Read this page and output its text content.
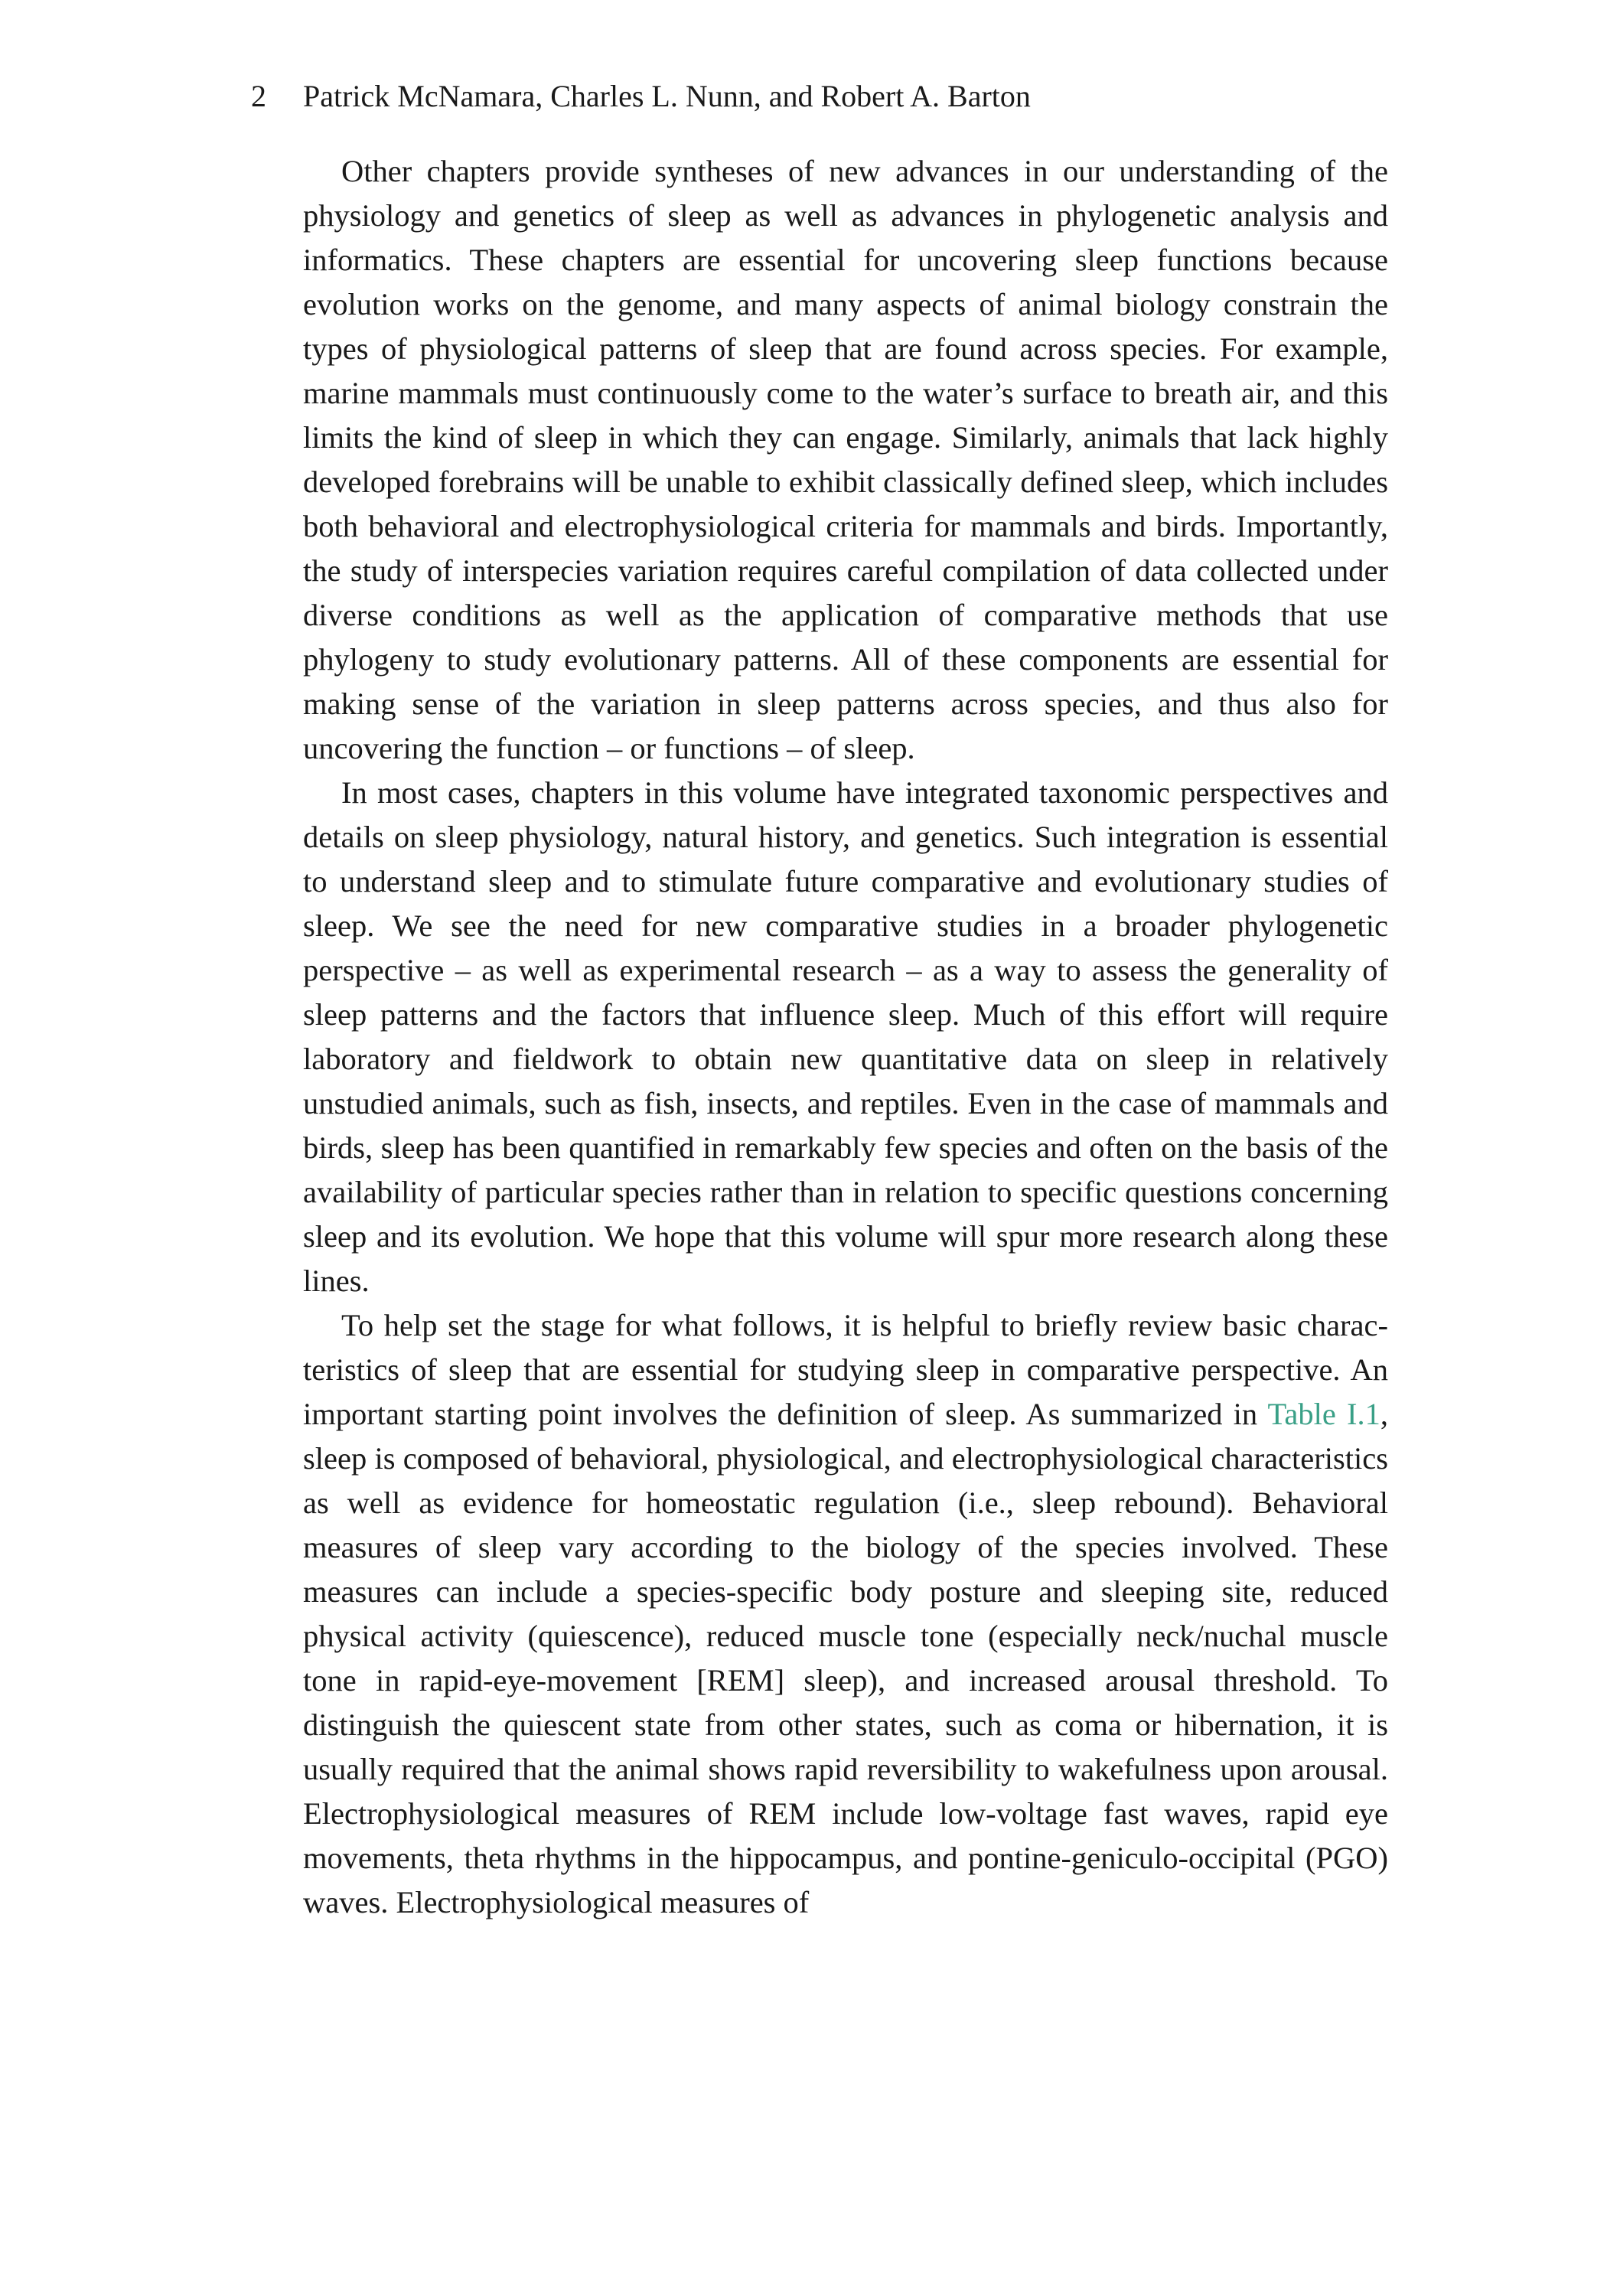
2 Patrick McNamara, Charles L. Nunn, and Robert A. Barton

Other chapters provide syntheses of new advances in our understanding of the physiology and genetics of sleep as well as advances in phylogenetic analysis and informatics. These chapters are essential for uncovering sleep functions because evolution works on the genome, and many aspects of animal biology constrain the types of physiological patterns of sleep that are found across species. For example, marine mammals must continuously come to the water’s surface to breath air, and this limits the kind of sleep in which they can engage. Similarly, animals that lack highly developed forebrains will be unable to exhibit classically defined sleep, which includes both behavioral and electrophysiological criteria for mammals and birds. Importantly, the study of interspecies variation requires careful compilation of data collected under diverse conditions as well as the application of comparative methods that use phylogeny to study evolutionary patterns. All of these components are essential for making sense of the variation in sleep patterns across species, and thus also for uncovering the function – or functions – of sleep.

In most cases, chapters in this volume have integrated taxonomic perspectives and details on sleep physiology, natural history, and genetics. Such integration is essential to understand sleep and to stimulate future comparative and evolutionary studies of sleep. We see the need for new comparative studies in a broader phylogenetic perspective – as well as experimental research – as a way to assess the generality of sleep patterns and the factors that influence sleep. Much of this effort will require laboratory and fieldwork to obtain new quantitative data on sleep in relatively unstudied animals, such as fish, insects, and reptiles. Even in the case of mammals and birds, sleep has been quantified in remarkably few species and often on the basis of the availability of particular species rather than in relation to specific questions concerning sleep and its evolution. We hope that this volume will spur more research along these lines.

To help set the stage for what follows, it is helpful to briefly review basic characteristics of sleep that are essential for studying sleep in comparative perspective. An important starting point involves the definition of sleep. As summarized in Table I.1, sleep is composed of behavioral, physiological, and electrophysiological characteristics as well as evidence for homeostatic regulation (i.e., sleep rebound). Behavioral measures of sleep vary according to the biology of the species involved. These measures can include a species-specific body posture and sleeping site, reduced physical activity (quiescence), reduced muscle tone (especially neck/nuchal muscle tone in rapid-eye-movement [REM] sleep), and increased arousal threshold. To distinguish the quiescent state from other states, such as coma or hibernation, it is usually required that the animal shows rapid reversibility to wakefulness upon arousal. Electrophysiological measures of REM include low-voltage fast waves, rapid eye movements, theta rhythms in the hippocampus, and pontine-geniculo-occipital (PGO) waves. Electrophysiological measures of
